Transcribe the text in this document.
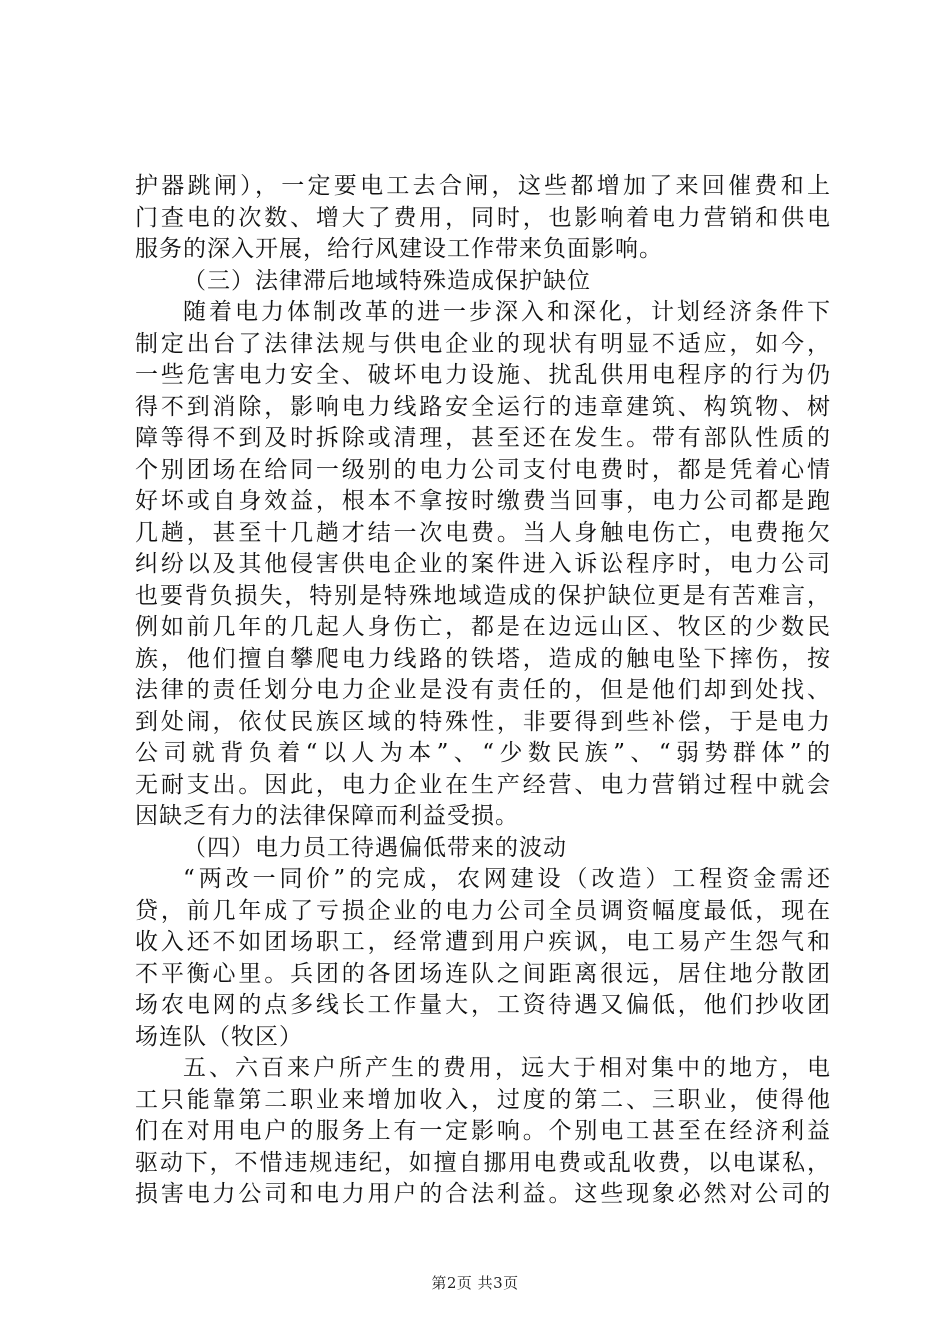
护器跳闸），一定要电工去合闸，这些都增加了来回催费和上
门查电的次数、增大了费用，同时，也影响着电力营销和供电
服务的深入开展，给行风建设工作带来负面影响。
（三）法律滞后地域特殊造成保护缺位
随着电力体制改革的进一步深入和深化，计划经济条件下
制定出台了法律法规与供电企业的现状有明显不适应，如今，
一些危害电力安全、破坏电力设施、扰乱供用电程序的行为仍
得不到消除，影响电力线路安全运行的违章建筑、构筑物、树
障等得不到及时拆除或清理，甚至还在发生。带有部队性质的
个别团场在给同一级别的电力公司支付电费时，都是凭着心情
好坏或自身效益，根本不拿按时缴费当回事，电力公司都是跑
几趟，甚至十几趟才结一次电费。当人身触电伤亡，电费拖欠
纠纷以及其他侵害供电企业的案件进入诉讼程序时，电力公司
也要背负损失，特别是特殊地域造成的保护缺位更是有苦难言，
例如前几年的几起人身伤亡，都是在边远山区、牧区的少数民
族，他们擅自攀爬电力线路的铁塔，造成的触电坠下摔伤，按
法律的责任划分电力企业是没有责任的，但是他们却到处找、
到处闹，依仗民族区域的特殊性，非要得到些补偿，于是电力
公司就背负着“以人为本”、“少数民族”、“弱势群体”的
无耐支出。因此，电力企业在生产经营、电力营销过程中就会
因缺乏有力的法律保障而利益受损。
（四）电力员工待遇偏低带来的波动
“两改一同价”的完成，农网建设（改造）工程资金需还
贷，前几年成了亏损企业的电力公司全员调资幅度最低，现在
收入还不如团场职工，经常遭到用户疾讽，电工易产生怨气和
不平衡心里。兵团的各团场连队之间距离很远，居住地分散团
场农电网的点多线长工作量大，工资待遇又偏低，他们抄收团
场连队（牧区）
五、六百来户所产生的费用，远大于相对集中的地方，电
工只能靠第二职业来增加收入，过度的第二、三职业，使得他
们在对用电户的服务上有一定影响。个别电工甚至在经济利益
驱动下，不惜违规违纪，如擅自挪用电费或乱收费，以电谋私，
损害电力公司和电力用户的合法利益。这些现象必然对公司的
第2页 共3页
